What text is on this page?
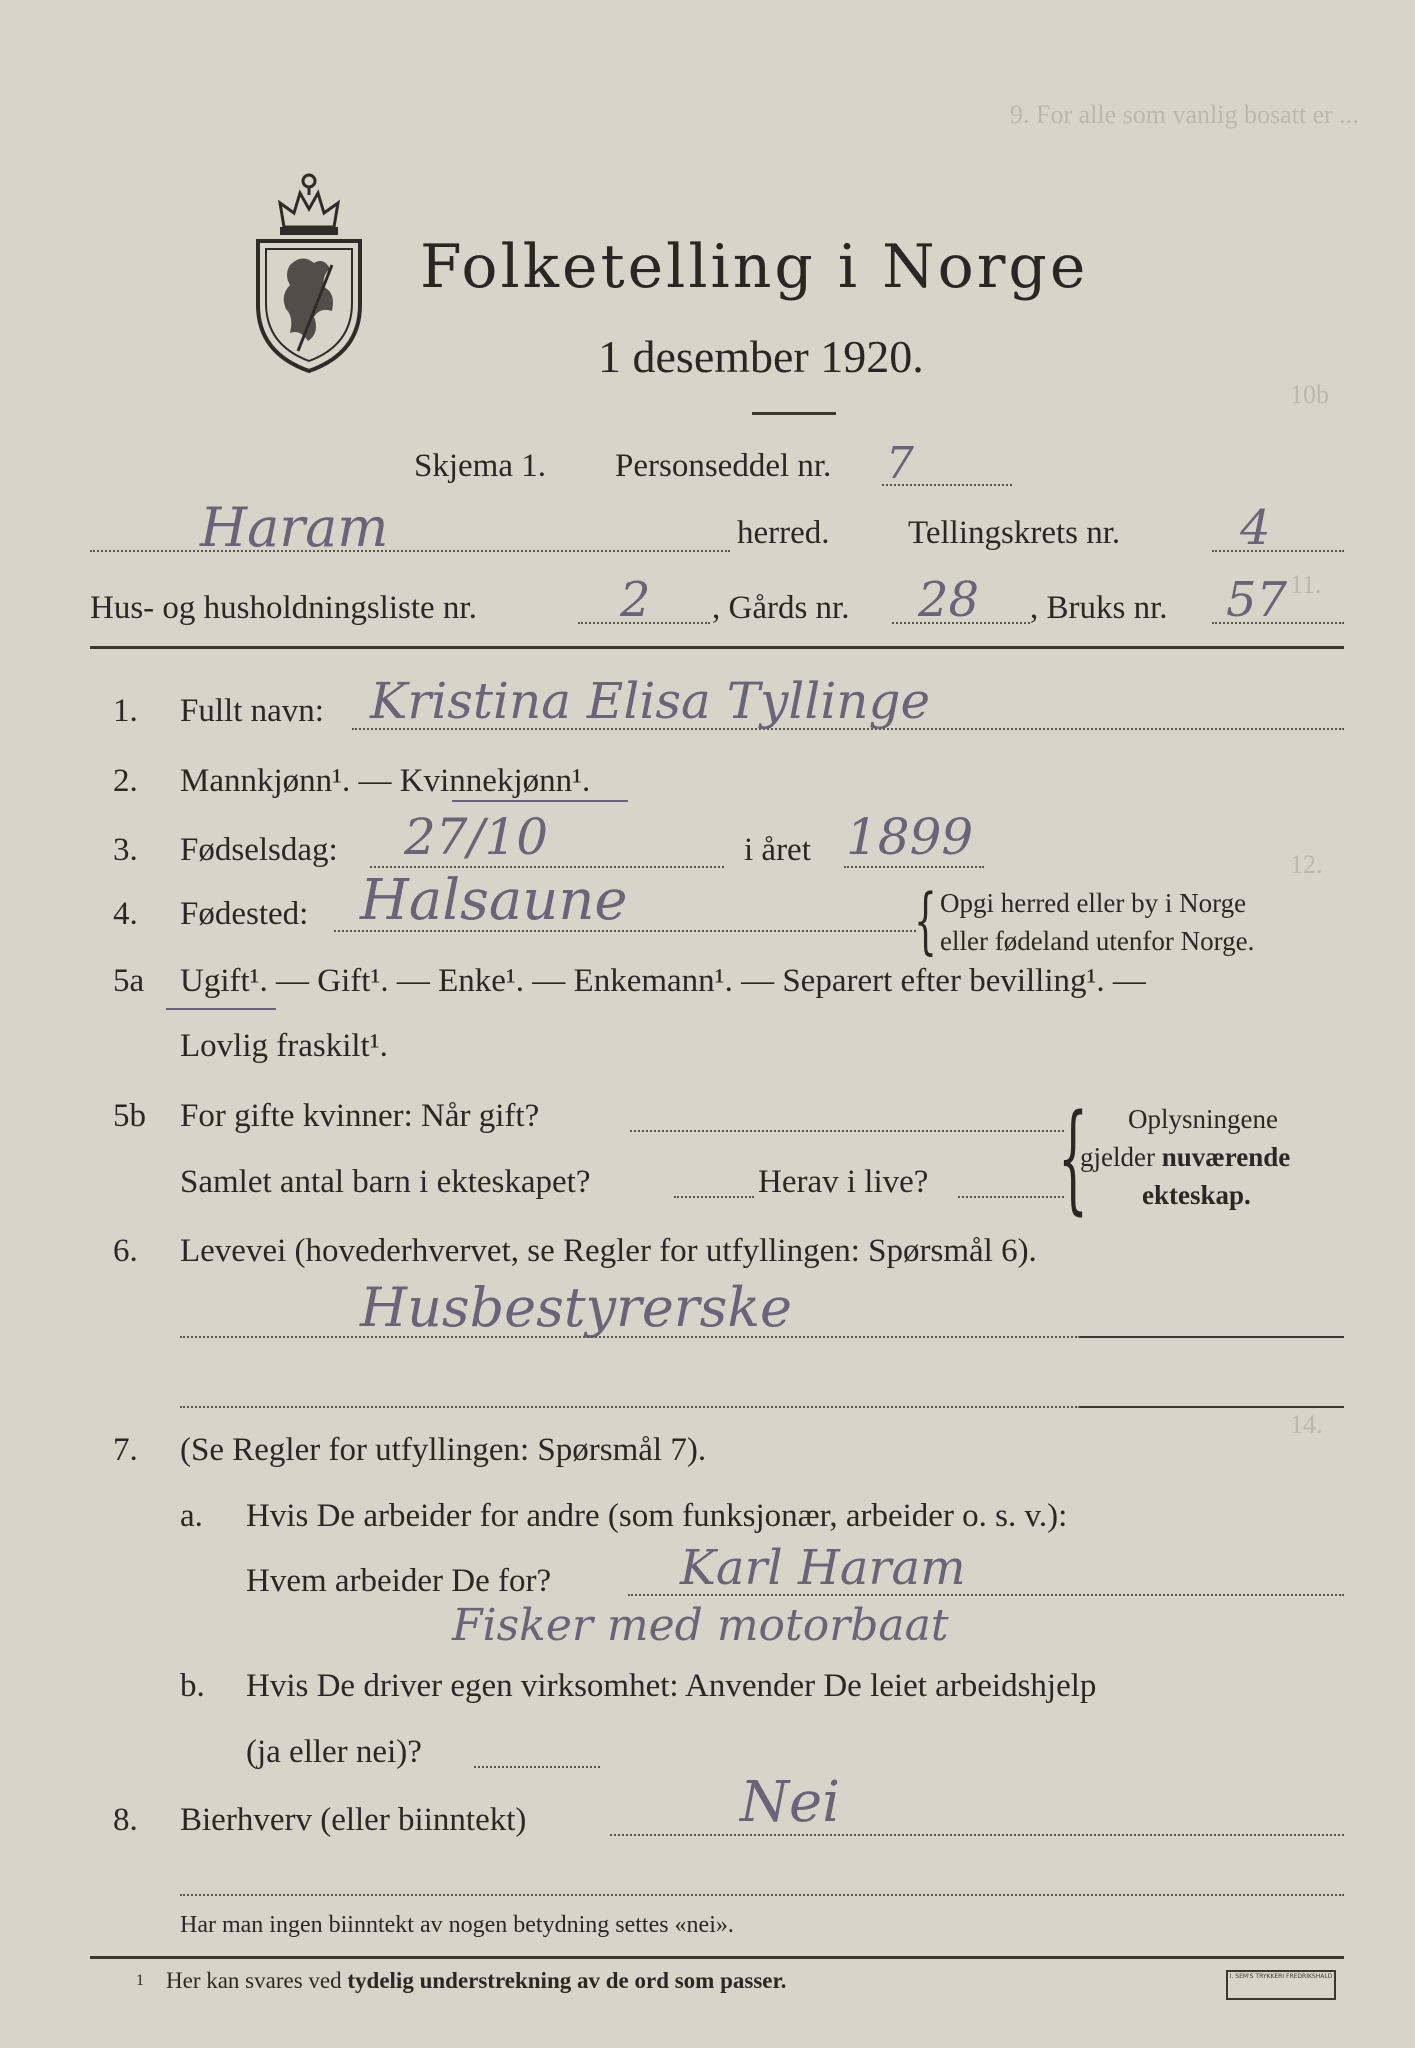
9. For alle som vanlig bosatt er ...
10b
11.
12.
14.
Folketelling i Norge
1 desember 1920.
Skjema 1. Personseddel nr. 7
Haram	herred. Tellingskrets nr. 4
Hus- og husholdningsliste nr.	2 , Gårds nr. 28 , Bruks nr. 57
1. Fullt navn: Kristina Elisa Tyllinge
2. Mannkjønn¹. — Kvinnekjønn¹.
3. Fødselsdag: 27/10	i året 1899
4. Fødested: Halsaune	{ Opgi herred eller by i Norge
eller fødeland utenfor Norge.
5a Ugift¹. — Gift¹. — Enke¹. — Enkemann¹. — Separert efter bevilling¹. —
Lovlig fraskilt¹.
5b For gifte kvinner: Når gift?
Samlet antal barn i ekteskapet?	Herav i live? { Oplysningene
gjelder nuværende
ekteskap.
6. Levevei (hovederhvervet, se Regler for utfyllingen: Spørsmål 6).
Husbestyrerske
7. (Se Regler for utfyllingen: Spørsmål 7).
a. Hvis De arbeider for andre (som funksjonær, arbeider o. s. v.):
Hvem arbeider De for?	Karl Haram
Fisker med motorbaat
b. Hvis De driver egen virksomhet: Anvender De leiet arbeidshjelp
(ja eller nei)?
8. Bierhverv (eller biinntekt)	Nei
Har man ingen biinntekt av nogen betydning settes «nei».
1 Her kan svares ved tydelig understrekning av de ord som passer.	I. SEM'S TRYKKERI FREDRIKSHALD
